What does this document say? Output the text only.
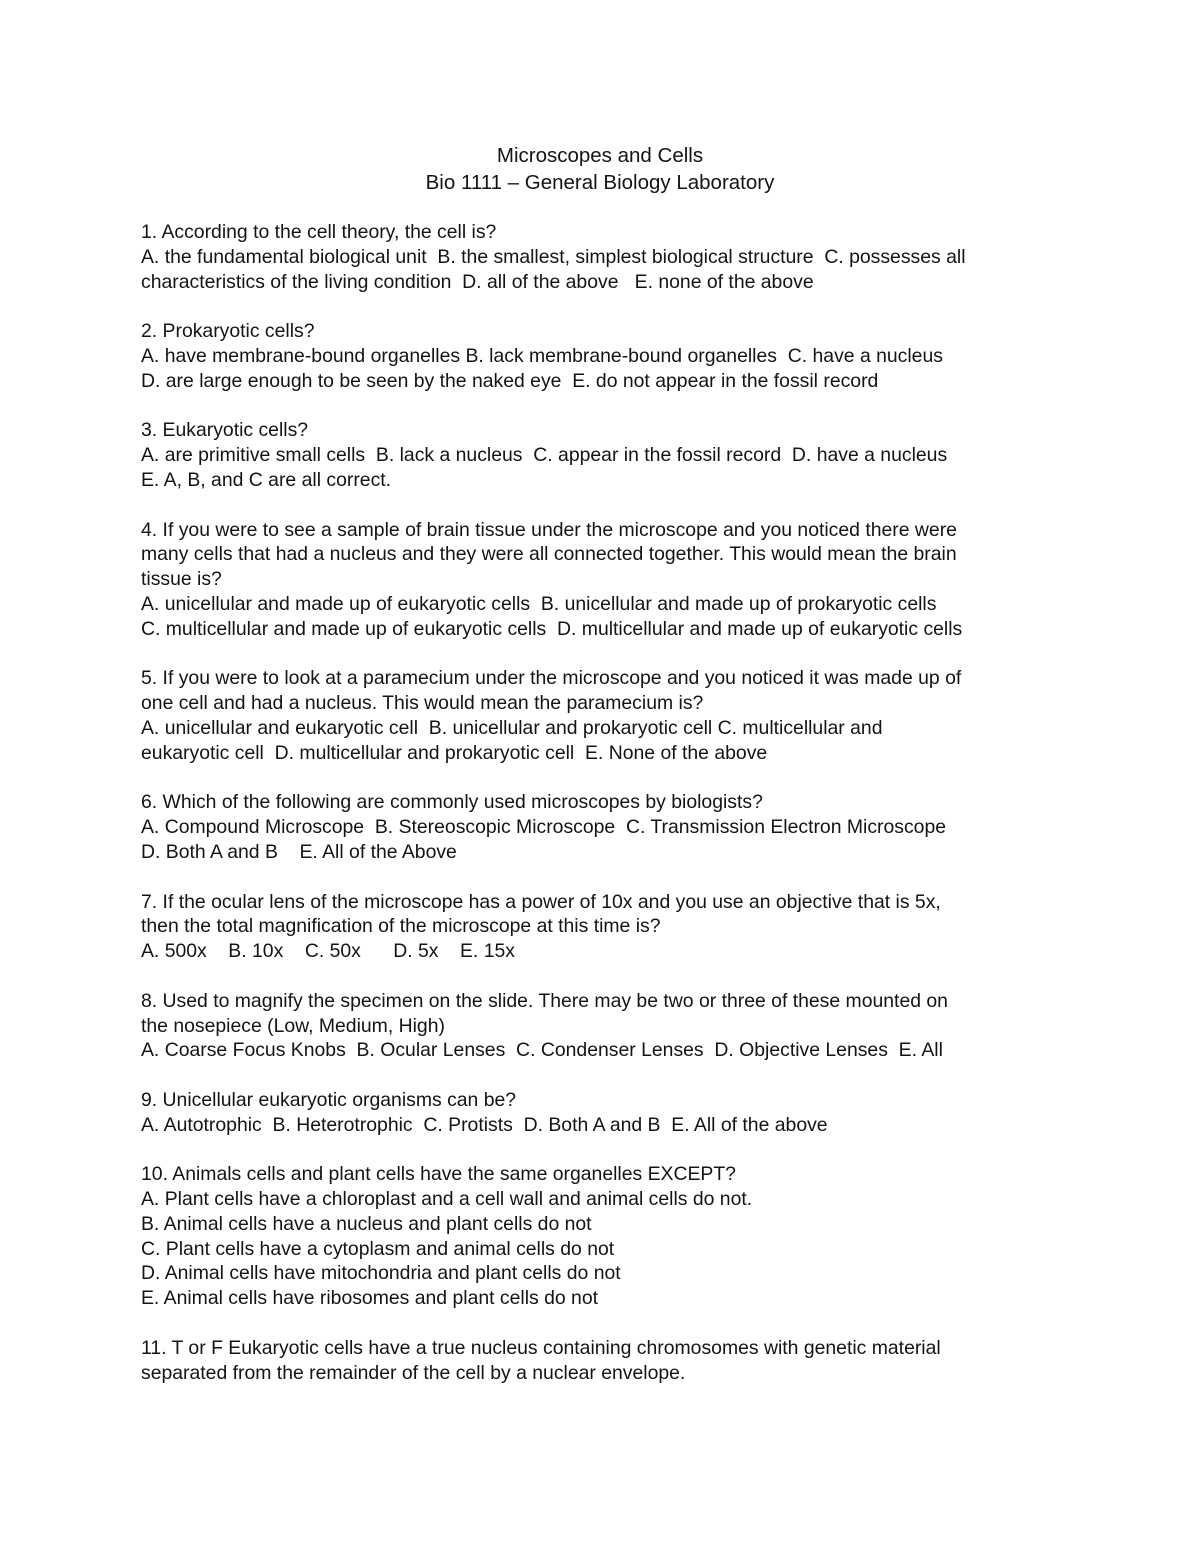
Microscopes and Cells
Bio 1111 – General Biology Laboratory
1. According to the cell theory, the cell is?
A. the fundamental biological unit  B. the smallest, simplest biological structure  C. possesses all
characteristics of the living condition  D. all of the above   E. none of the above
2. Prokaryotic cells?
A. have membrane-bound organelles B. lack membrane-bound organelles  C. have a nucleus
D. are large enough to be seen by the naked eye  E. do not appear in the fossil record
3. Eukaryotic cells?
A. are primitive small cells  B. lack a nucleus  C. appear in the fossil record  D. have a nucleus
E. A, B, and C are all correct.
4. If you were to see a sample of brain tissue under the microscope and you noticed there were
many cells that had a nucleus and they were all connected together. This would mean the brain
tissue is?
A. unicellular and made up of eukaryotic cells  B. unicellular and made up of prokaryotic cells
C. multicellular and made up of eukaryotic cells  D. multicellular and made up of eukaryotic cells
5. If you were to look at a paramecium under the microscope and you noticed it was made up of
one cell and had a nucleus. This would mean the paramecium is?
A. unicellular and eukaryotic cell  B. unicellular and prokaryotic cell C. multicellular and
eukaryotic cell  D. multicellular and prokaryotic cell  E. None of the above
6. Which of the following are commonly used microscopes by biologists?
A. Compound Microscope  B. Stereoscopic Microscope  C. Transmission Electron Microscope
D. Both A and B    E. All of the Above
7. If the ocular lens of the microscope has a power of 10x and you use an objective that is 5x,
then the total magnification of the microscope at this time is?
A. 500x    B. 10x    C. 50x      D. 5x    E. 15x
8. Used to magnify the specimen on the slide. There may be two or three of these mounted on
the nosepiece (Low, Medium, High)
A. Coarse Focus Knobs  B. Ocular Lenses  C. Condenser Lenses  D. Objective Lenses  E. All
9. Unicellular eukaryotic organisms can be?
A. Autotrophic  B. Heterotrophic  C. Protists  D. Both A and B  E. All of the above
10. Animals cells and plant cells have the same organelles EXCEPT?
A. Plant cells have a chloroplast and a cell wall and animal cells do not.
B. Animal cells have a nucleus and plant cells do not
C. Plant cells have a cytoplasm and animal cells do not
D. Animal cells have mitochondria and plant cells do not
E. Animal cells have ribosomes and plant cells do not
11. T or F Eukaryotic cells have a true nucleus containing chromosomes with genetic material
separated from the remainder of the cell by a nuclear envelope.
